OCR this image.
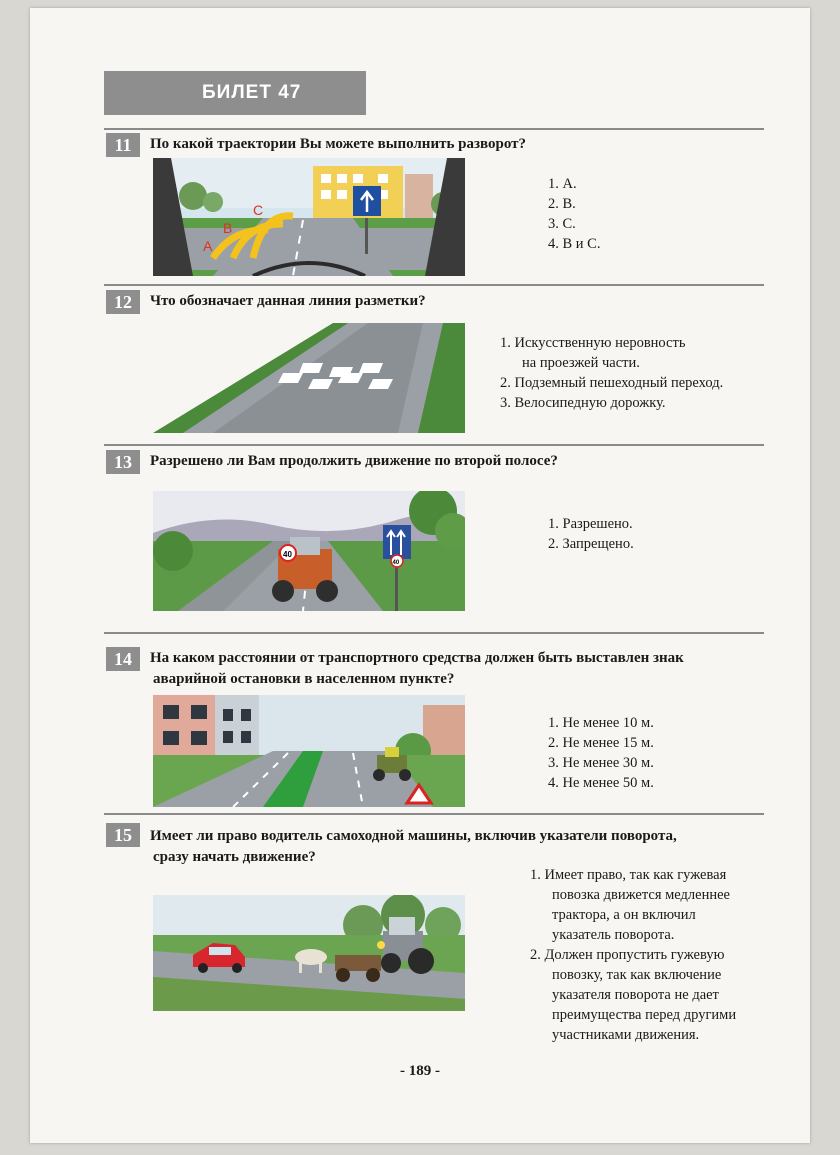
БИЛЕТ 47
11	По какой траектории Вы можете выполнить разворот?
А
В
С
1. А.
2. В.
3. С.
4. В и С.
12	Что обозначает данная линия разметки?
1. Искусственную неровность
на проезжей части.
2. Подземный пешеходный переход.
3. Велосипедную дорожку.
13	Разрешено ли Вам продолжить движение по второй полосе?
40
40
1. Разрешено.
2. Запрещено.
14	На каком расстоянии от транспортного средства должен быть выставлен знак
аварийной остановки в населенном пункте?
1. Не менее 10 м.
2. Не менее 15 м.
3. Не менее 30 м.
4. Не менее 50 м.
15	Имеет ли право водитель самоходной машины, включив указатели поворота,
сразу начать движение?
1. Имеет право, так как гужевая
повозка движется медленнее
трактора, а он включил
указатель поворота.
2. Должен пропустить гужевую
повозку, так как включение
указателя поворота не дает
преимущества перед другими
участниками движения.
- 189 -
